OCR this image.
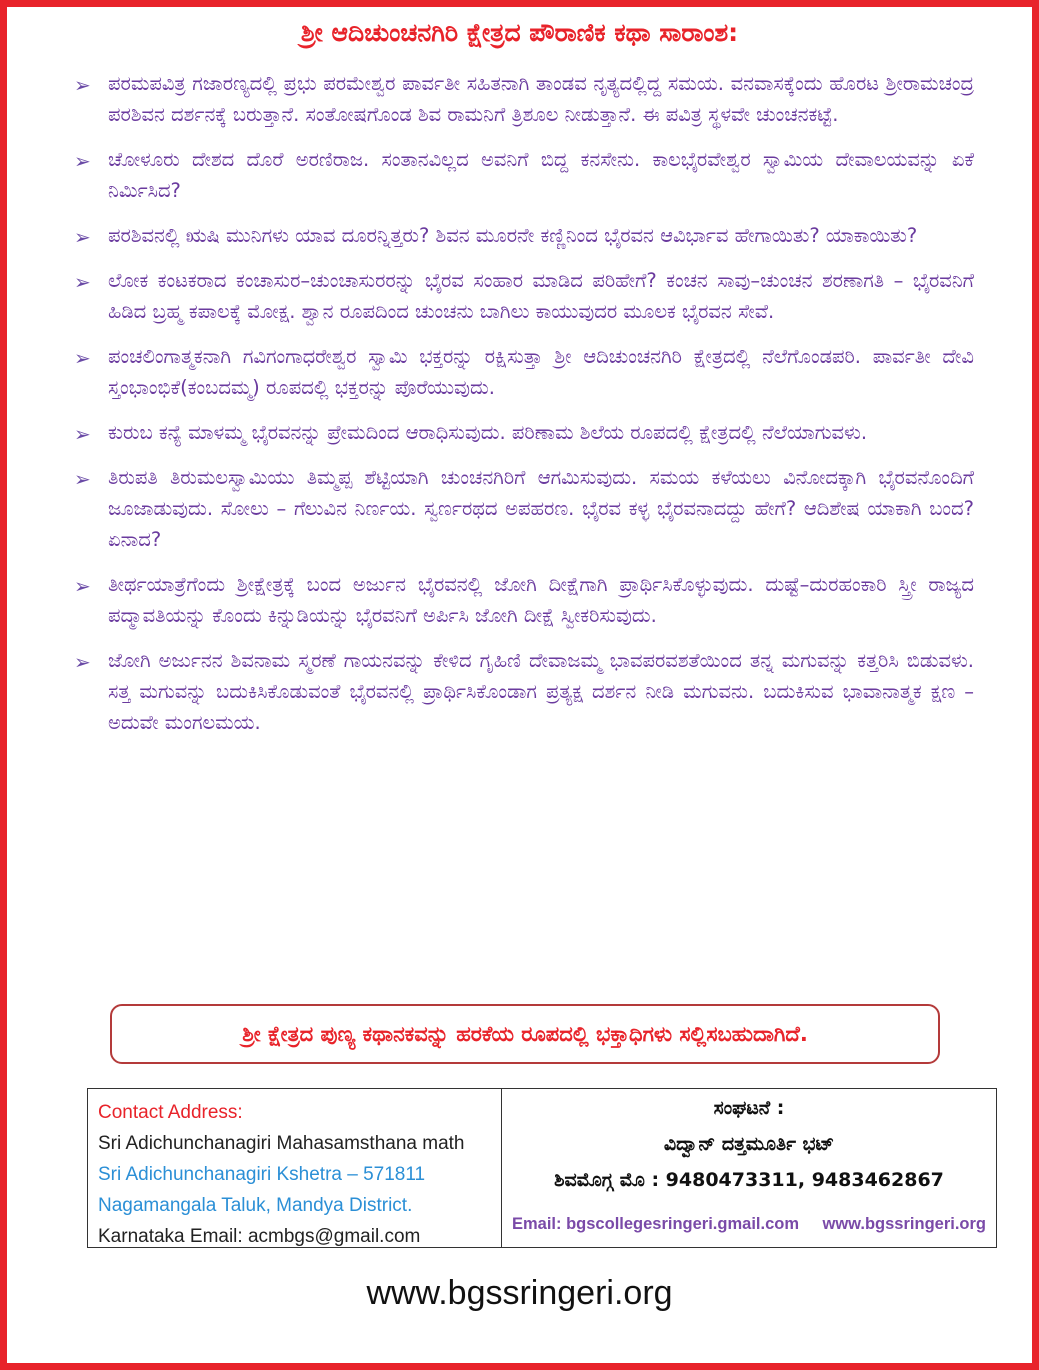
ಶ್ರೀ ಆದಿಚುಂಚನಗಿರಿ ಕ್ಷೇತ್ರದ ಪೌರಾಣಿಕ ಕಥಾ ಸಾರಾಂಶ:
➢ ಪರಮಪವಿತ್ರ ಗಜಾರಣ್ಯದಲ್ಲಿ ಪ್ರಭು ಪರಮೇಶ್ವರ ಪಾರ್ವತೀ ಸಹಿತನಾಗಿ ತಾಂಡವ ನೃತ್ಯದಲ್ಲಿದ್ದ ಸಮಯ. ವನವಾಸಕ್ಕೆಂದು ಹೊರಟ ಶ್ರೀರಾಮಚಂದ್ರ ಪರಶಿವನ ದರ್ಶನಕ್ಕೆ ಬರುತ್ತಾನೆ. ಸಂತೋಷಗೊಂಡ ಶಿವ ರಾಮನಿಗೆ ತ್ರಿಶೂಲ ನೀಡುತ್ತಾನೆ. ಈ ಪವಿತ್ರ ಸ್ಥಳವೇ ಚುಂಚನಕಟ್ಟೆ.
➢ ಚೋಳೂರು ದೇಶದ ದೊರೆ ಅರಣಿರಾಜ. ಸಂತಾನವಿಲ್ಲದ ಅವನಿಗೆ ಬಿದ್ದ ಕನಸೇನು. ಕಾಲಭೈರವೇಶ್ವರ ಸ್ವಾಮಿಯ ದೇವಾಲಯವನ್ನು ಏಕೆ ನಿರ್ಮಿಸಿದ?
➢ ಪರಶಿವನಲ್ಲಿ ಋಷಿ ಮುನಿಗಳು ಯಾವ ದೂರನ್ನಿತ್ತರು? ಶಿವನ ಮೂರನೇ ಕಣ್ಣಿನಿಂದ ಭೈರವನ ಆವಿರ್ಭಾವ ಹೇಗಾಯಿತು? ಯಾಕಾಯಿತು?
➢ ಲೋಕ ಕಂಟಕರಾದ ಕಂಚಾಸುರ–ಚುಂಚಾಸುರರನ್ನು ಭೈರವ ಸಂಹಾರ ಮಾಡಿದ ಪರಿಹೇಗೆ? ಕಂಚನ ಸಾವು–ಚುಂಚನ ಶರಣಾಗತಿ – ಭೈರವನಿಗೆ ಹಿಡಿದ ಬ್ರಹ್ಮ ಕಪಾಲಕ್ಕೆ ಮೋಕ್ಷ. ಶ್ವಾನ ರೂಪದಿಂದ ಚುಂಚನು ಬಾಗಿಲು ಕಾಯುವುದರ ಮೂಲಕ ಭೈರವನ ಸೇವೆ.
➢ ಪಂಚಲಿಂಗಾತ್ಮಕನಾಗಿ ಗವಿಗಂಗಾಧರೇಶ್ವರ ಸ್ವಾಮಿ ಭಕ್ತರನ್ನು ರಕ್ಷಿಸುತ್ತಾ ಶ್ರೀ ಆದಿಚುಂಚನಗಿರಿ ಕ್ಷೇತ್ರದಲ್ಲಿ ನೆಲೆಗೊಂಡಪರಿ. ಪಾರ್ವತೀ ದೇವಿ ಸ್ತಂಭಾಂಭಿಕೆ(ಕಂಬದಮ್ಮ) ರೂಪದಲ್ಲಿ ಭಕ್ತರನ್ನು ಪೊರೆಯುವುದು.
➢ ಕುರುಬ ಕನ್ಯೆ ಮಾಳಮ್ಮ ಭೈರವನನ್ನು ಪ್ರೇಮದಿಂದ ಆರಾಧಿಸುವುದು. ಪರಿಣಾಮ ಶಿಲೆಯ ರೂಪದಲ್ಲಿ ಕ್ಷೇತ್ರದಲ್ಲಿ ನೆಲೆಯಾಗುವಳು.
➢ ತಿರುಪತಿ ತಿರುಮಲಸ್ವಾಮಿಯು ತಿಮ್ಮಪ್ಪ ಶೆಟ್ಟಿಯಾಗಿ ಚುಂಚನಗಿರಿಗೆ ಆಗಮಿಸುವುದು. ಸಮಯ ಕಳೆಯಲು ವಿನೋದಕ್ಕಾಗಿ ಭೈರವನೊಂದಿಗೆ ಜೂಜಾಡುವುದು. ಸೋಲು – ಗೆಲುವಿನ ನಿರ್ಣಯ. ಸ್ವರ್ಣರಥದ ಅಪಹರಣ. ಭೈರವ ಕಳ್ಳ ಭೈರವನಾದದ್ದು ಹೇಗೆ? ಆದಿಶೇಷ ಯಾಕಾಗಿ ಬಂದ? ಏನಾದ?
➢ ತೀರ್ಥಯಾತ್ರೆಗೆಂದು ಶ್ರೀಕ್ಷೇತ್ರಕ್ಕೆ ಬಂದ ಅರ್ಜುನ ಭೈರವನಲ್ಲಿ ಜೋಗಿ ದೀಕ್ಷೆಗಾಗಿ ಪ್ರಾರ್ಥಿಸಿಕೊಳ್ಳುವುದು. ದುಷ್ಟೆ–ದುರಹಂಕಾರಿ ಸ್ತ್ರೀ ರಾಜ್ಯದ ಪದ್ಮಾವತಿಯನ್ನು ಕೊಂದು ಕಿನ್ನುಡಿಯನ್ನು ಭೈರವನಿಗೆ ಅರ್ಪಿಸಿ ಜೋಗಿ ದೀಕ್ಷೆ ಸ್ವೀಕರಿಸುವುದು.
➢ ಜೋಗಿ ಅರ್ಜುನನ ಶಿವನಾಮ ಸ್ಮರಣೆ ಗಾಯನವನ್ನು ಕೇಳಿದ ಗೃಹಿಣಿ ದೇವಾಜಮ್ಮ ಭಾವಪರವಶತೆಯಿಂದ ತನ್ನ ಮಗುವನ್ನು ಕತ್ತರಿಸಿ ಬಿಡುವಳು. ಸತ್ತ ಮಗುವನ್ನು ಬದುಕಿಸಿಕೊಡುವಂತೆ ಭೈರವನಲ್ಲಿ ಪ್ರಾರ್ಥಿಸಿಕೊಂಡಾಗ ಪ್ರತ್ಯಕ್ಷ ದರ್ಶನ ನೀಡಿ ಮಗುವನು. ಬದುಕಿಸುವ ಭಾವಾನಾತ್ಮಕ ಕ್ಷಣ – ಅದುವೇ ಮಂಗಲಮಯ.
ಶ್ರೀ ಕ್ಷೇತ್ರದ ಪುಣ್ಯ ಕಥಾನಕವನ್ನು ಹರಕೆಯ ರೂಪದಲ್ಲಿ ಭಕ್ತಾಧಿಗಳು ಸಲ್ಲಿಸಬಹುದಾಗಿದೆ.
Contact Address:
Sri Adichunchanagiri Mahasamsthana math
Sri Adichunchanagiri Kshetra – 571811
Nagamangala Taluk, Mandya District.
Karnataka Email: acmbgs@gmail.com
ಸಂಘಟನೆ :
ವಿದ್ವಾನ್ ದತ್ತಮೂರ್ತಿ ಭಟ್
ಶಿವಮೊಗ್ಗ ಮೊ : 9480473311, 9483462867
Email: bgscollegesringeri.gmail.com www.bgssringeri.org
www.bgssringeri.org
